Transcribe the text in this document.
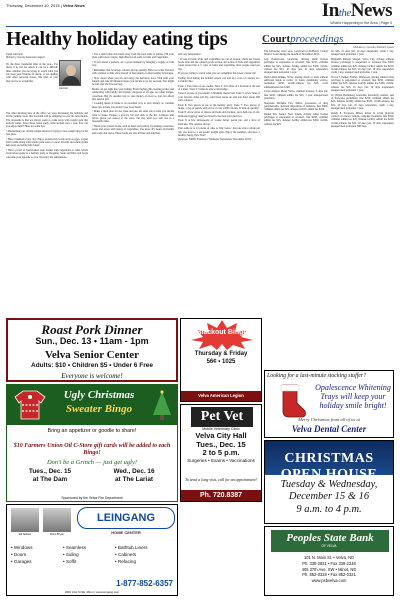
Thursday, December 10, 2015 | Velva News	IntheNews
What's Happening in the Area | Page 3
Healthy holiday eating tips
Carla Jabrocki
McHenry County Extension Agent

It's the most wonderful time of the year... For many it is, but for others it can be a difficult time, whether you are trying to watch what you eat, keep your finances in check, or are dealing with other personal issues, this time of year may not be so wonderful.

Jabrocki

The other morning here at the office we were discussing the holidays and all the yummy treats that we think will be tempting us over the next month. The downside is that we always seem to come away with weight gain that nobody wants. Since those treats really come around once a year, how can you enjoy them? Here are some tips:

• Maintaining our current weight instead of trying to lose weight may be the best plan.

• Have breakfast every day. Enjoy protein-rich foods such as eggs, yogurt and/or milk along with whole grain toast or cereal. Protein and whole grains help keep us feeling full longer.

• Have a bowl of fresh-baked soup loaded with vegetables or other whole food before going to a holiday party or shopping. Soup and fiber-rich foods can tame your appetite so you can enjoy the temptations.

• Use a small plate and stand away from the food table at parties. Fill your plate with lower-calorie, high-fiber foods such as fruits and vegetables.

• If you attend a potluck, set a good example by bringing a veggie or fruit tray.

• Remember that beverage calories add up quickly. Have ice water flavored with a lemon or lime slice instead of fruit punch or other holiday beverages.

• Slow down when you eat and enjoy the delicious food. Visit with your friends and take 20 minutes before you decide to go for seconds. You might be full after the first serving.

Moms can get right into your baking. From buying gifts, hosting parties and celebrating with family and friends, shoppers of all ages are often budget-conscious. But it's another way to save money on food so you can afford that special gift.

• Cooking meals at home is an excellent way to save money, so consider these tips to help you stretch your food dollar:

• Make a meal plan for the week and use the sales ads to help you decide what to make. Prepare a grocery list and stick to the list. Compare unit prices (price per ounce) at the store, but buy what you will use in a reasonable time.

• Watch your protein foods, such as meat and poultry, by making casseroles, soups and stews with plenty of vegetables. Use more dry beans and lentils and soups and stews. These foods are rich in fiber and nutrition.

and very inexpensive.

• If your favorite fruits and vegetables are out of season, check the frozen foods aisle and the canned goods section. All forms of fruits and vegetables count toward the 2 ½ cups of fruits and vegetables most people need per day.

If you are trying to watch what you eat, remember this lower-calorie tip!

Tasting food during the holiday season can add up to lots of calories too. Consider this:

Taste 1: Two bites of one cookie. Taste 2: Two bites of a brownie at the end of a meal. Taste 3: Someone else's extra fudge.

Taste 4: A taste of your mom's Christmas cheese ball. Taste 5: A few bites of your favorite chips and dip. Add those tastes up and you have about 400 extra calories.

Taste 6: Two pieces of pie at the holiday party. Taste 7: Two pieces of fudge, 1 cup of punch, and you're at over 1,000 calories. It adds up quickly!

Taste 8: A few slices of cheese and ham and crackers, and a half-cup of old-fashioned eggnog. And you haven't even had your meal yet.

Taste 9: A few tablespoons of cookie batter, pecan pie, and a slice of fruitcake. The calories add up.

That adds up to 12 pieces of cake or 'tiny tastes.' Just one extra calorie per day can lead to a six-pound weight gain. Enjoy the holidays and have a healthy, happy New Year!

(Sources: NDSU Extension 'Tenderize Newsletter,' December 2015)

Courtproceedings
McHenry County District Court

The following cases were convicted in McHenry County District Court during the month of November 2015.

Guy Eudorwood, Granville, driving while license privileges is suspended or revoked, fine $150, criminal admin fee $25, defense facility admin fee $100, victim-witness fee $25, 10 days jail, 10 days suspended, unsupervised probation 1 year.

Devin Allen Rimke, Velva, issuing check or draft without sufficient funds or credit, 12 hours community service, restitution $250, victim-witness fee $25, court administration fee $100.

Cyrus Andrew Mead, Velva, criminal trespass, 5 days jail, fine $250, criminal admin fee $25, 1 year unsupervised probation.

Sheyenne Michelle Fox, Minot, possession of drug paraphernalia, deferred imposition of sentence, fine $300, criminal admin fee $25, defense facility admin fee $100.

Daniel Eric Sauter, New Salem, driving while license privileges is suspended or revoked, fine $250, criminal admin fee $25, defense facility admin fee $100, victim-witness fee $25.

for $25, 10 days jail, 10 days suspended, credit 1 day, unsupervised probation 1 year.

Benjamin Russell Sleepel, Velva City, driving without license/ privileges is suspended or revoked, fine $300, criminal admin fee $25, defense facility admin fee $100, victim-witness fee $25, 10 days jail, 10 days suspended, credit 1 day, unsupervised probation 1 year.

Trevor J. Peltier, Fridley, Minnesota, driving while license privilege is suspended or revoked, fine $250, criminal admin fee $25, defense facility admin fee $100, victim-witness fee $25, 10 days jail, 10 days suspended, unsupervised probation 1 year.

W. Wayne Bollinberg, Granville, disorderly conduct, sale of fireworks prohibited, fine $250, criminal admin fee $25, defense facility admin fee $100, victim-witness fee $25, 10 days jail, 10 days suspended, credit 1 day, unsupervised probation 1 year.

Randy E. Swanson, Minot, driver in actual physical control of a motor vehicle, complete treatment, fine $500, criminal admin fee $25, defense facility admin fee $100, victim-witness fee $25, 10 days jail, 10 days suspended, unsupervised probation 360 days.

Roast Pork Dinner
Sun., Dec. 13 • 11am - 1pm
Velva Senior Center
Adults: $10 • Children $5 • Under 6 Free
Everyone is welcome!
Ugly Christmas
Sweater Bingo
Bring an appetizer or goodie to share!
$10 Farmers Union Oil C-Store gift cards will be added to each Bingo!
Don't be a Grinch — just get ugly!
Tues., Dec. 15
at The Dam
Wed., Dec. 16
at The Lariat
Sponsored by the Velva Fire Department
Ed Seibert	Brent Bryan
LEINGANG
HOME CENTER
• Windows	• Seamless	• Bathtub Liners• Doors	• Siding	• Cabinets• Garages	• Soffit	• Refacing
1-877-852-6357
2010 21st St SE, Minot | www.leingang.com
Blackout Bingo
Thursday & Friday
56¢ • 1025
Velva American Legion
Pet Vet
Mobile Veterinary Clinic
Velva City Hall
Tues., Dec. 15
2 to 5 p.m.
Surgeries • Exams • Vaccinations
To send a long visit, call for an appointment!
Ph. 720.8387
Looking for a last-minute stocking stuffer?
Opalescence Whitening Trays will keep your holiday smile bright!
Merry Christmas from all of us at
Velva Dental Center
CHRISTMAS OPEN HOUSE
Tuesday & Wednesday, December 15 & 16
9 a.m. to 4 p.m.
Peoples State Bank
OF VELVA
101 N. Main St. • Velva, ND
Ph. 338-2821 • Fax 338-2248
405 37th Ave. SW • Minot, ND
Ph. 852-0328 • Fax 852-0321
www.psbvelva.com
